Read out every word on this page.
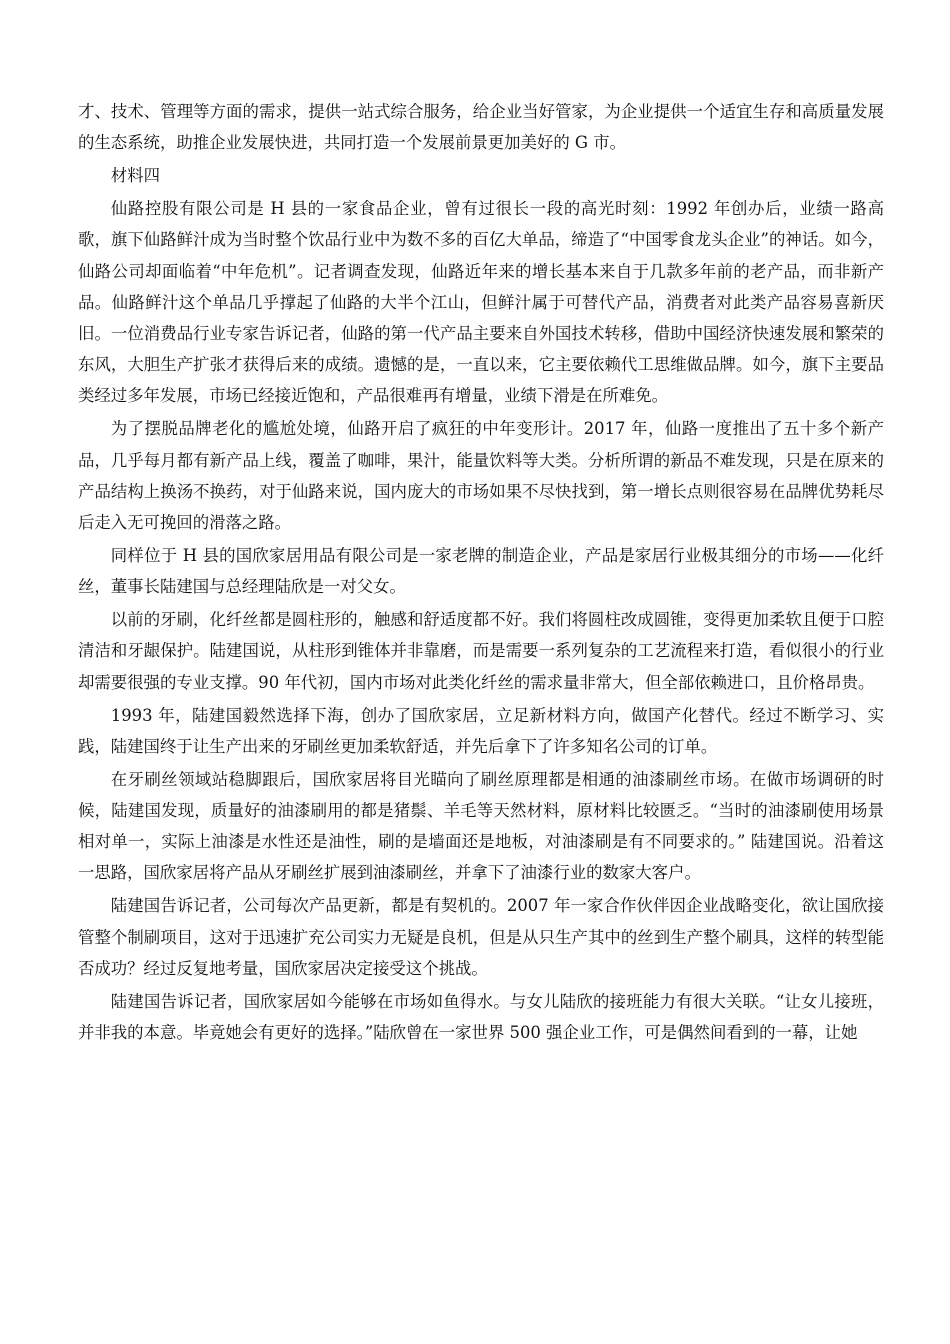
才、技术、管理等方面的需求，提供一站式综合服务，给企业当好管家，为企业提供一个适宜生存和高质量发展的生态系统，助推企业发展快进，共同打造一个发展前景更加美好的 G 市。

材料四

仙路控股有限公司是 H 县的一家食品企业，曾有过很长一段的高光时刻：1992 年创办后，业绩一路高歌，旗下仙路鲜汁成为当时整个饮品行业中为数不多的百亿大单品，缔造了“中国零食龙头企业”的神话。如今，仙路公司却面临着“中年危机”。记者调查发现，仙路近年来的增长基本来自于几款多年前的老产品，而非新产品。仙路鲜汁这个单品几乎撑起了仙路的大半个江山，但鲜汁属于可替代产品，消费者对此类产品容易喜新厌旧。一位消费品行业专家告诉记者，仙路的第一代产品主要来自外国技术转移，借助中国经济快速发展和繁荣的东风，大胆生产扩张才获得后来的成绩。遗憾的是，一直以来，它主要依赖代工思维做品牌。如今，旗下主要品类经过多年发展，市场已经接近饱和，产品很难再有增量，业绩下滑是在所难免。

为了摆脱品牌老化的尴尬处境，仙路开启了疯狂的中年变形计。2017 年，仙路一度推出了五十多个新产品，几乎每月都有新产品上线，覆盖了咖啡，果汁，能量饮料等大类。分析所谓的新品不难发现，只是在原来的产品结构上换汤不换药，对于仙路来说，国内庞大的市场如果不尽快找到，第一增长点则很容易在品牌优势耗尽后走入无可挽回的滑落之路。

同样位于 H 县的国欣家居用品有限公司是一家老牌的制造企业，产品是家居行业极其细分的市场——化纤丝，董事长陆建国与总经理陆欣是一对父女。

以前的牙刷，化纤丝都是圆柱形的，触感和舒适度都不好。我们将圆柱改成圆锥，变得更加柔软且便于口腔清洁和牙龈保护。陆建国说，从柱形到锥体并非靠磨，而是需要一系列复杂的工艺流程来打造，看似很小的行业却需要很强的专业支撑。90 年代初，国内市场对此类化纤丝的需求量非常大，但全部依赖进口，且价格昂贵。

1993 年，陆建国毅然选择下海，创办了国欣家居，立足新材料方向，做国产化替代。经过不断学习、实践，陆建国终于让生产出来的牙刷丝更加柔软舒适，并先后拿下了许多知名公司的订单。

在牙刷丝领域站稳脚跟后，国欣家居将目光瞄向了刷丝原理都是相通的油漆刷丝市场。在做市场调研的时候，陆建国发现，质量好的油漆刷用的都是猪鬃、羊毛等天然材料，原材料比较匮乏。“当时的油漆刷使用场景相对单一，实际上油漆是水性还是油性，刷的是墙面还是地板，对油漆刷是有不同要求的。” 陆建国说。沿着这一思路，国欣家居将产品从牙刷丝扩展到油漆刷丝，并拿下了油漆行业的数家大客户。

陆建国告诉记者，公司每次产品更新，都是有契机的。2007 年一家合作伙伴因企业战略变化，欲让国欣接管整个制刷项目，这对于迅速扩充公司实力无疑是良机，但是从只生产其中的丝到生产整个刷具，这样的转型能否成功？经过反复地考量，国欣家居决定接受这个挑战。

陆建国告诉记者，国欣家居如今能够在市场如鱼得水。与女儿陆欣的接班能力有很大关联。“让女儿接班，并非我的本意。毕竟她会有更好的选择。”陆欣曾在一家世界 500 强企业工作，可是偶然间看到的一幕，让她
